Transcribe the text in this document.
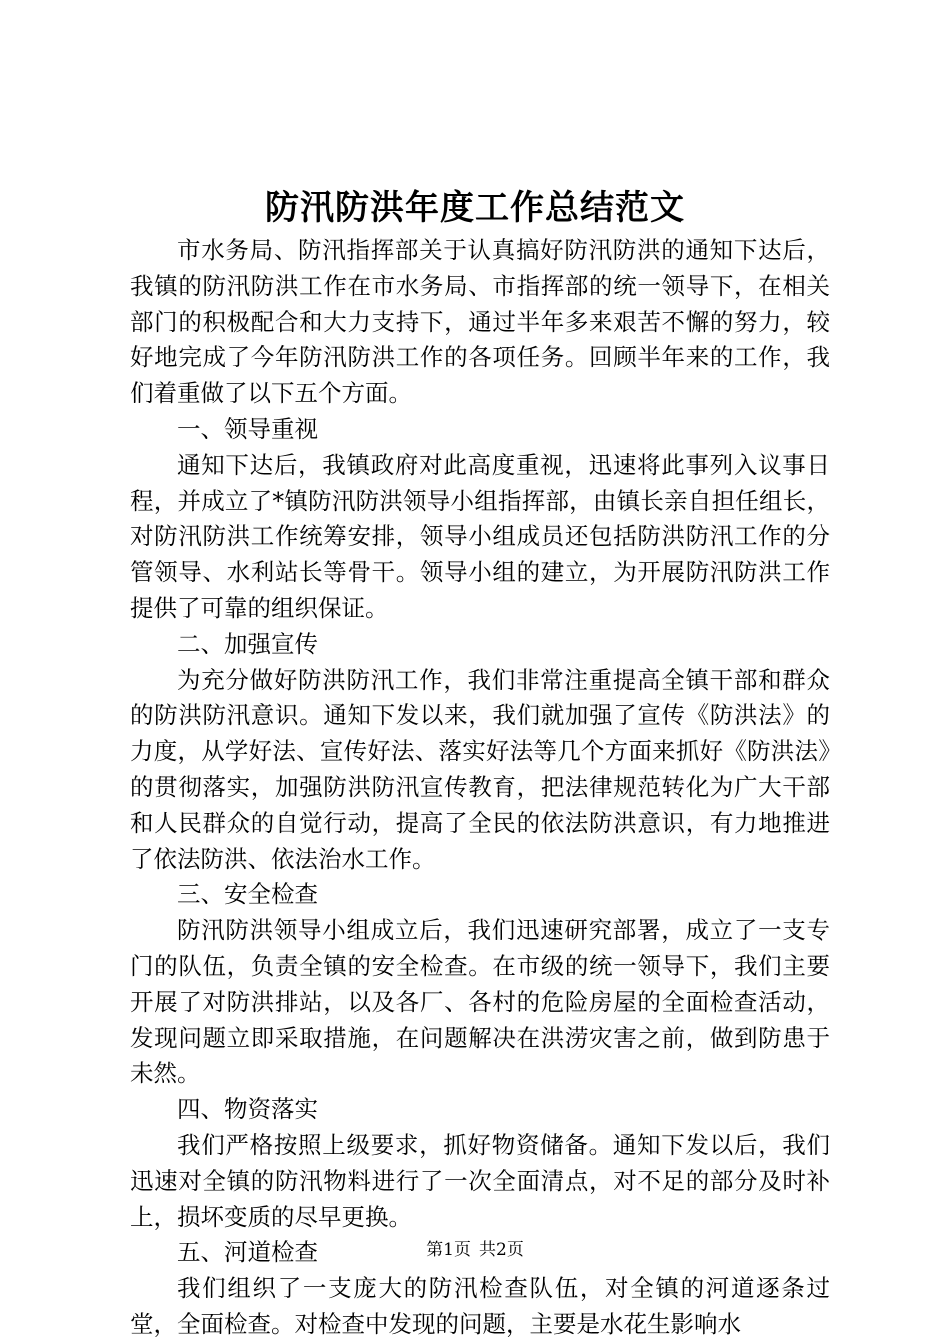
防汛防洪年度工作总结范文

市水务局、防汛指挥部关于认真搞好防汛防洪的通知下达后，我镇的防汛防洪工作在市水务局、市指挥部的统一领导下，在相关部门的积极配合和大力支持下，通过半年多来艰苦不懈的努力，较好地完成了今年防汛防洪工作的各项任务。回顾半年来的工作，我们着重做了以下五个方面。

一、领导重视

通知下达后，我镇政府对此高度重视，迅速将此事列入议事日程，并成立了*镇防汛防洪领导小组指挥部，由镇长亲自担任组长，对防汛防洪工作统筹安排，领导小组成员还包括防洪防汛工作的分管领导、水利站长等骨干。领导小组的建立，为开展防汛防洪工作提供了可靠的组织保证。

二、加强宣传

为充分做好防洪防汛工作，我们非常注重提高全镇干部和群众的防洪防汛意识。通知下发以来，我们就加强了宣传《防洪法》的力度，从学好法、宣传好法、落实好法等几个方面来抓好《防洪法》的贯彻落实，加强防洪防汛宣传教育，把法律规范转化为广大干部和人民群众的自觉行动，提高了全民的依法防洪意识，有力地推进了依法防洪、依法治水工作。

三、安全检查

防汛防洪领导小组成立后，我们迅速研究部署，成立了一支专门的队伍，负责全镇的安全检查。在市级的统一领导下，我们主要开展了对防洪排站，以及各厂、各村的危险房屋的全面检查活动，发现问题立即采取措施，在问题解决在洪涝灾害之前，做到防患于未然。

四、物资落实

我们严格按照上级要求，抓好物资储备。通知下发以后，我们迅速对全镇的防汛物料进行了一次全面清点，对不足的部分及时补上，损坏变质的尽早更换。

五、河道检查

我们组织了一支庞大的防汛检查队伍，对全镇的河道逐条过堂，全面检查。对检查中发现的问题，主要是水花生影响水

第1页 共2页
